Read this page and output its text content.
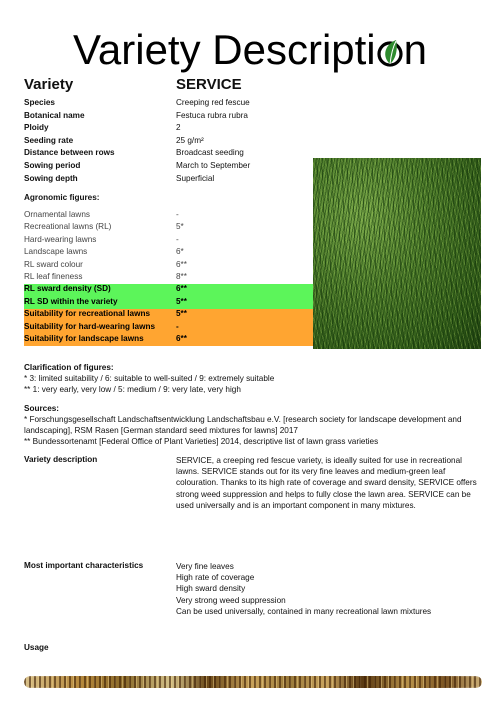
Variety Descripti n
Variety	SERVICE
Species	Creeping red fescue
Botanical name	Festuca rubra rubra
Ploidy	2
Seeding rate	25 g/m²
Distance between rows	Broadcast seeding
Sowing period	March to September
Sowing depth	Superficial
Agronomic figures:
Ornamental lawns	-
Recreational lawns (RL)	5*
Hard-wearing lawns	-
Landscape lawns	6*
RL sward colour	6**
RL leaf fineness	8**
RL sward density (SD)	6**
RL SD within the variety	5**
Suitability for recreational lawns	5**
Suitability for hard-wearing lawns	-
Suitability for landscape lawns	6**
Clarification of figures:
* 3: limited suitability / 6: suitable to well-suited / 9: extremely suitable
** 1: very early, very low / 5: medium / 9: very late, very high
Sources:
* Forschungsgesellschaft Landschaftsentwicklung Landschaftsbau e.V. [research society for landscape development and landscaping], RSM Rasen [German standard seed mixtures for lawns] 2017
** Bundessortenamt [Federal Office of Plant Varieties] 2014, descriptive list of lawn grass varieties
Variety description	SERVICE, a creeping red fescue variety, is ideally suited for use in recreational lawns. SERVICE stands out for its very fine leaves and medium-green leaf colouration. Thanks to its high rate of coverage and sward density, SERVICE offers strong weed suppression and helps to fully close the lawn area. SERVICE can be used universally and is an important component in many mixtures.
Most important characteristics	Very fine leaves
High rate of coverage
High sward density
Very strong weed suppression
Can be used universally, contained in many recreational lawn mixtures
Usage
